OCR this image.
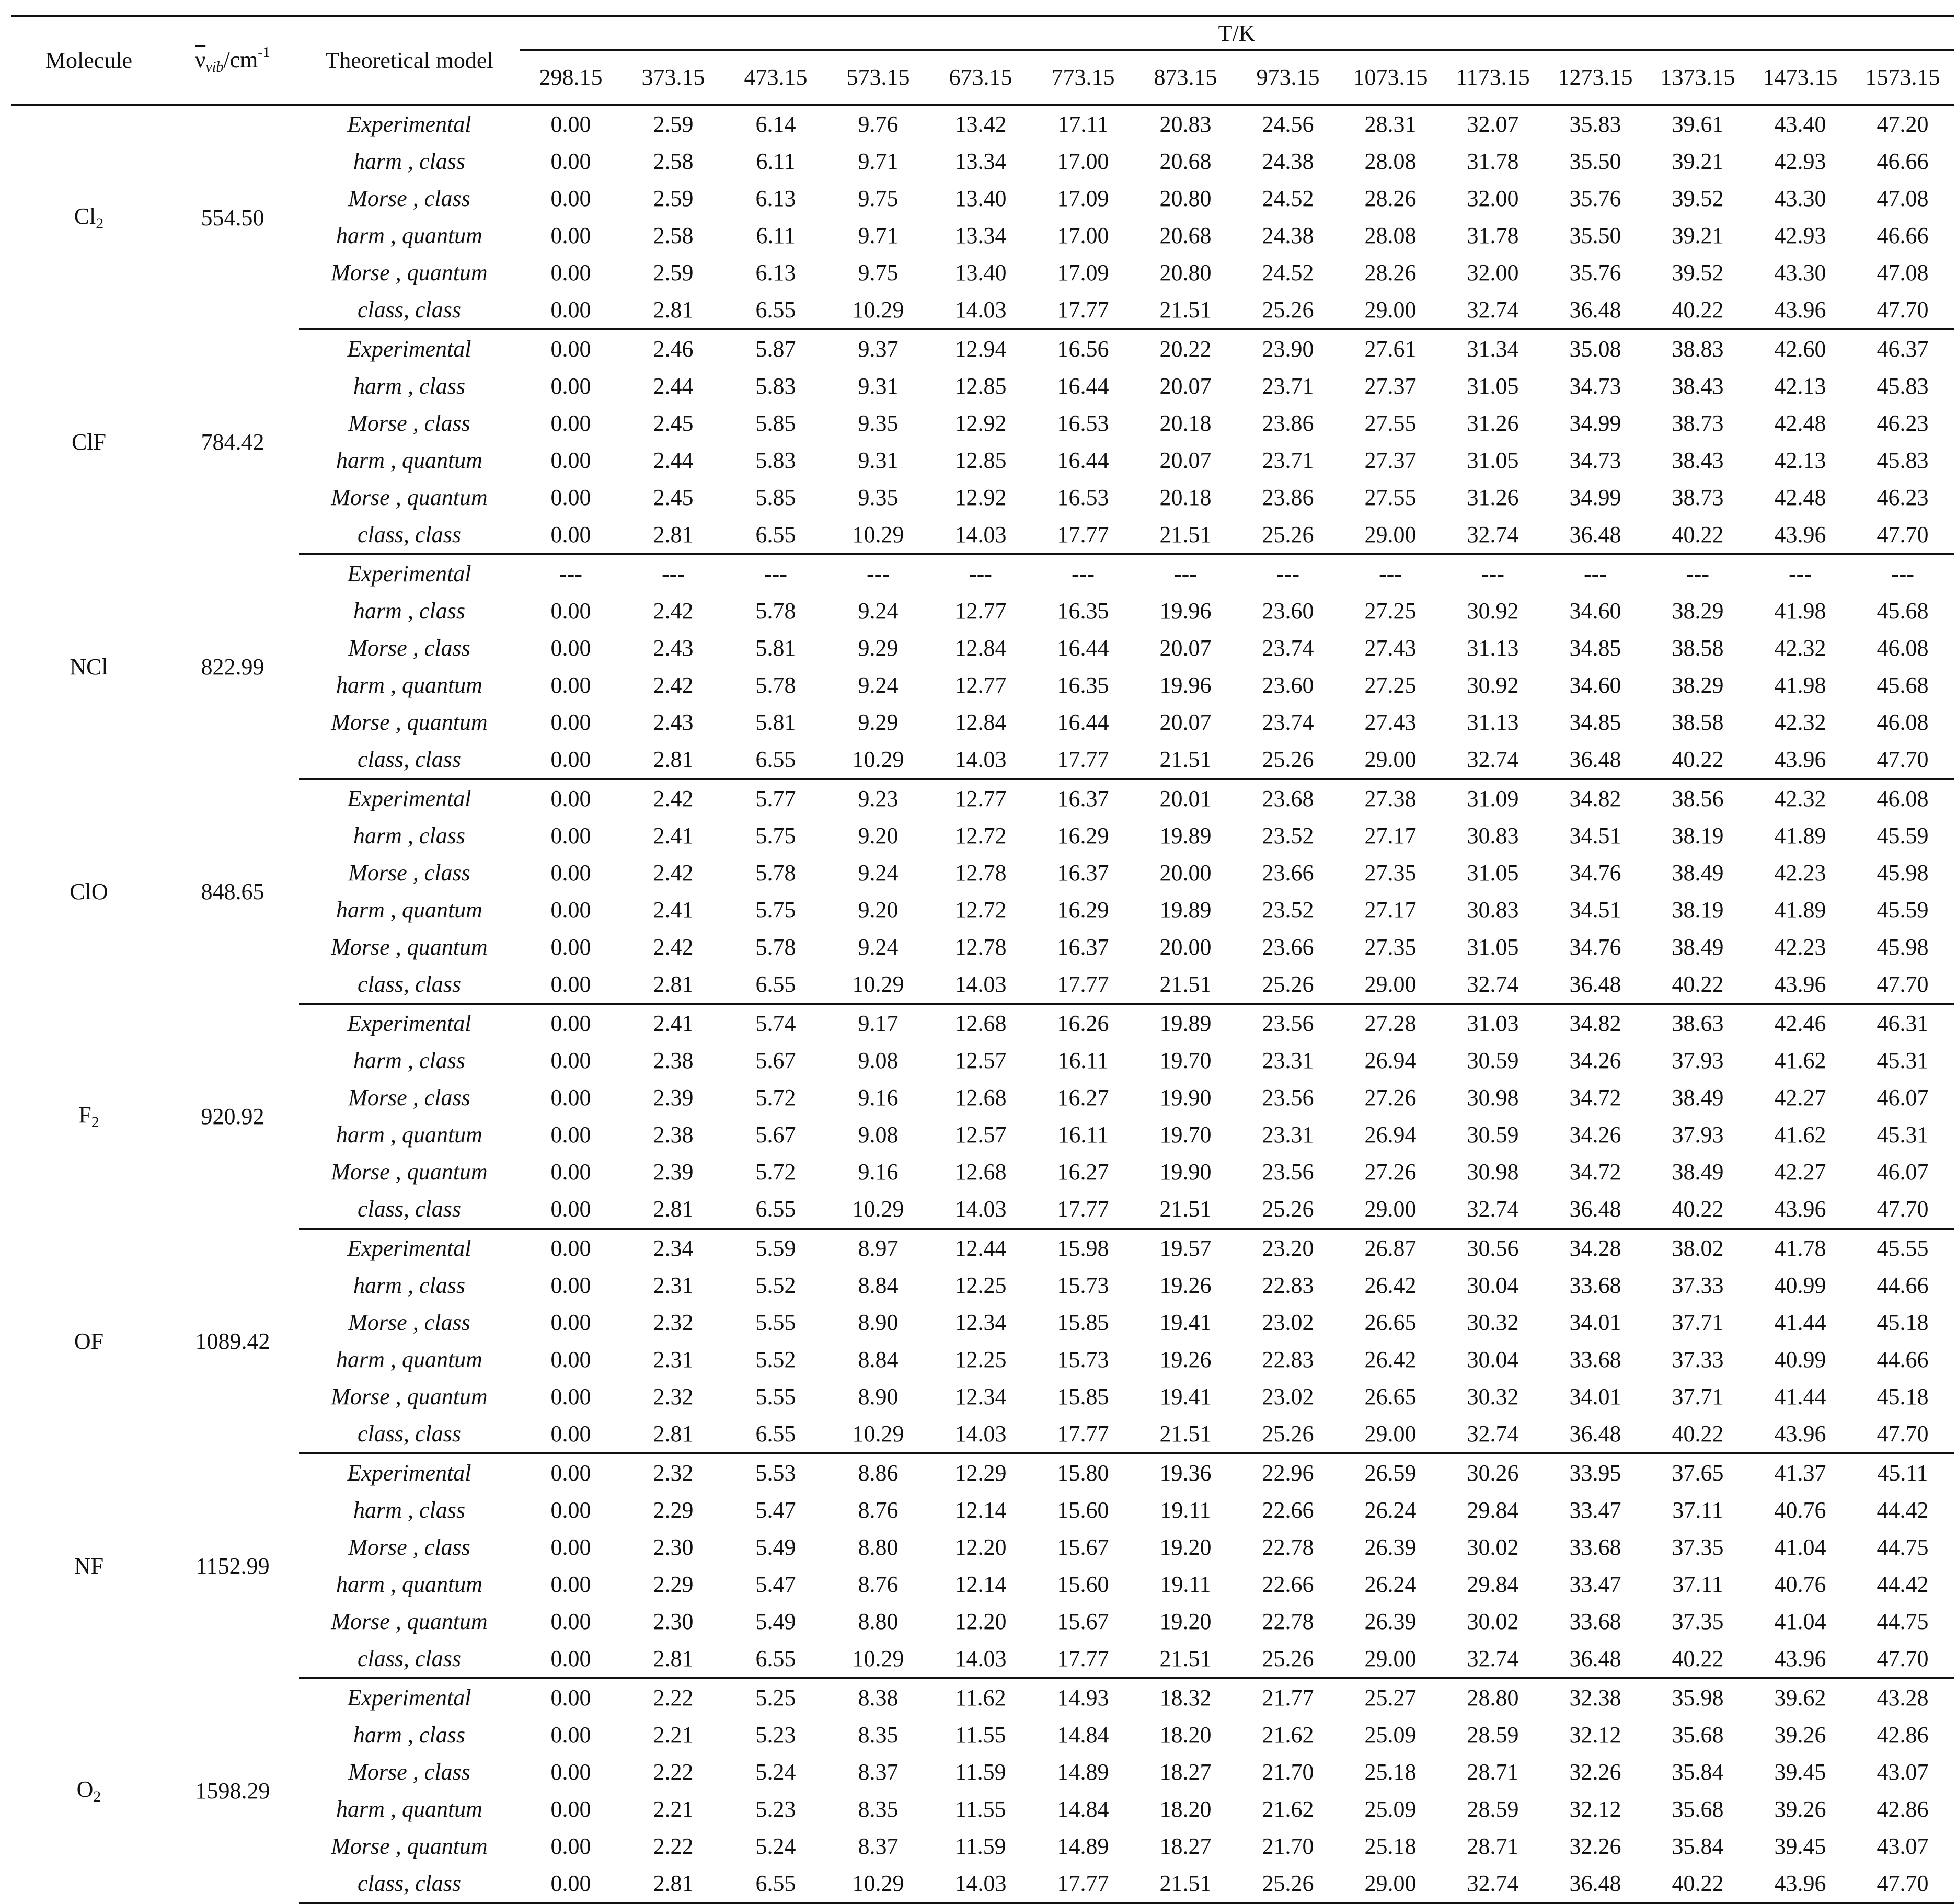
Molecule	$\overline{\nu}vib/cm^{-1}$	Theoretical model	T/K													
			298.15	373.15	473.15	573.15	673.15	773.15	873.15	973.15	1073.15	1173.15	1273.15	1373.15	1473.15	1573.15
$Cl_2$	554.50	Experimental	0.00	2.59	6.14	9.76	13.42	17.11	20.83	24.56	28.31	32.07	35.83	39.61	43.40	47.20
		harm , class	0.00	2.58	6.11	9.71	13.34	17.00	20.68	24.38	28.08	31.78	35.50	39.21	42.93	46.66
		Morse , class	0.00	2.59	6.13	9.75	13.40	17.09	20.80	24.52	28.26	32.00	35.76	39.52	43.30	47.08
		harm , quantum	0.00	2.58	6.11	9.71	13.34	17.00	20.68	24.38	28.08	31.78	35.50	39.21	42.93	46.66
		Morse , quantum	0.00	2.59	6.13	9.75	13.40	17.09	20.80	24.52	28.26	32.00	35.76	39.52	43.30	47.08
		class, class	0.00	2.81	6.55	10.29	14.03	17.77	21.51	25.26	29.00	32.74	36.48	40.22	43.96	47.70
ClF	784.42	Experimental	0.00	2.46	5.87	9.37	12.94	16.56	20.22	23.90	27.61	31.34	35.08	38.83	42.60	46.37
		harm , class	0.00	2.44	5.83	9.31	12.85	16.44	20.07	23.71	27.37	31.05	34.73	38.43	42.13	45.83
		Morse , class	0.00	2.45	5.85	9.35	12.92	16.53	20.18	23.86	27.55	31.26	34.99	38.73	42.48	46.23
		harm , quantum	0.00	2.44	5.83	9.31	12.85	16.44	20.07	23.71	27.37	31.05	34.73	38.43	42.13	45.83
		Morse , quantum	0.00	2.45	5.85	9.35	12.92	16.53	20.18	23.86	27.55	31.26	34.99	38.73	42.48	46.23
		class, class	0.00	2.81	6.55	10.29	14.03	17.77	21.51	25.26	29.00	32.74	36.48	40.22	43.96	47.70
NCl	822.99	Experimental	---	---	---	---	---	---	---	---	---	---	---	---	---	---
		harm , class	0.00	2.42	5.78	9.24	12.77	16.35	19.96	23.60	27.25	30.92	34.60	38.29	41.98	45.68
		Morse , class	0.00	2.43	5.81	9.29	12.84	16.44	20.07	23.74	27.43	31.13	34.85	38.58	42.32	46.08
		harm , quantum	0.00	2.42	5.78	9.24	12.77	16.35	19.96	23.60	27.25	30.92	34.60	38.29	41.98	45.68
		Morse , quantum	0.00	2.43	5.81	9.29	12.84	16.44	20.07	23.74	27.43	31.13	34.85	38.58	42.32	46.08
		class, class	0.00	2.81	6.55	10.29	14.03	17.77	21.51	25.26	29.00	32.74	36.48	40.22	43.96	47.70
ClO	848.65	Experimental	0.00	2.42	5.77	9.23	12.77	16.37	20.01	23.68	27.38	31.09	34.82	38.56	42.32	46.08
		harm , class	0.00	2.41	5.75	9.20	12.72	16.29	19.89	23.52	27.17	30.83	34.51	38.19	41.89	45.59
		Morse , class	0.00	2.42	5.78	9.24	12.78	16.37	20.00	23.66	27.35	31.05	34.76	38.49	42.23	45.98
		harm , quantum	0.00	2.41	5.75	9.20	12.72	16.29	19.89	23.52	27.17	30.83	34.51	38.19	41.89	45.59
		Morse , quantum	0.00	2.42	5.78	9.24	12.78	16.37	20.00	23.66	27.35	31.05	34.76	38.49	42.23	45.98
		class, class	0.00	2.81	6.55	10.29	14.03	17.77	21.51	25.26	29.00	32.74	36.48	40.22	43.96	47.70
$F_2$	920.92	Experimental	0.00	2.41	5.74	9.17	12.68	16.26	19.89	23.56	27.28	31.03	34.82	38.63	42.46	46.31
		harm , class	0.00	2.38	5.67	9.08	12.57	16.11	19.70	23.31	26.94	30.59	34.26	37.93	41.62	45.31
		Morse , class	0.00	2.39	5.72	9.16	12.68	16.27	19.90	23.56	27.26	30.98	34.72	38.49	42.27	46.07
		harm , quantum	0.00	2.38	5.67	9.08	12.57	16.11	19.70	23.31	26.94	30.59	34.26	37.93	41.62	45.31
		Morse , quantum	0.00	2.39	5.72	9.16	12.68	16.27	19.90	23.56	27.26	30.98	34.72	38.49	42.27	46.07
		class, class	0.00	2.81	6.55	10.29	14.03	17.77	21.51	25.26	29.00	32.74	36.48	40.22	43.96	47.70
OF	1089.42	Experimental	0.00	2.34	5.59	8.97	12.44	15.98	19.57	23.20	26.87	30.56	34.28	38.02	41.78	45.55
		harm , class	0.00	2.31	5.52	8.84	12.25	15.73	19.26	22.83	26.42	30.04	33.68	37.33	40.99	44.66
		Morse , class	0.00	2.32	5.55	8.90	12.34	15.85	19.41	23.02	26.65	30.32	34.01	37.71	41.44	45.18
		harm , quantum	0.00	2.31	5.52	8.84	12.25	15.73	19.26	22.83	26.42	30.04	33.68	37.33	40.99	44.66
		Morse , quantum	0.00	2.32	5.55	8.90	12.34	15.85	19.41	23.02	26.65	30.32	34.01	37.71	41.44	45.18
		class, class	0.00	2.81	6.55	10.29	14.03	17.77	21.51	25.26	29.00	32.74	36.48	40.22	43.96	47.70
NF	1152.99	Experimental	0.00	2.32	5.53	8.86	12.29	15.80	19.36	22.96	26.59	30.26	33.95	37.65	41.37	45.11
		harm , class	0.00	2.29	5.47	8.76	12.14	15.60	19.11	22.66	26.24	29.84	33.47	37.11	40.76	44.42
		Morse , class	0.00	2.30	5.49	8.80	12.20	15.67	19.20	22.78	26.39	30.02	33.68	37.35	41.04	44.75
		harm , quantum	0.00	2.29	5.47	8.76	12.14	15.60	19.11	22.66	26.24	29.84	33.47	37.11	40.76	44.42
		Morse , quantum	0.00	2.30	5.49	8.80	12.20	15.67	19.20	22.78	26.39	30.02	33.68	37.35	41.04	44.75
		class, class	0.00	2.81	6.55	10.29	14.03	17.77	21.51	25.26	29.00	32.74	36.48	40.22	43.96	47.70
$O_2$	1598.29	Experimental	0.00	2.22	5.25	8.38	11.62	14.93	18.32	21.77	25.27	28.80	32.38	35.98	39.62	43.28
		harm , class	0.00	2.21	5.23	8.35	11.55	14.84	18.20	21.62	25.09	28.59	32.12	35.68	39.26	42.86
		Morse , class	0.00	2.22	5.24	8.37	11.59	14.89	18.27	21.70	25.18	28.71	32.26	35.84	39.45	43.07
		harm , quantum	0.00	2.21	5.23	8.35	11.55	14.84	18.20	21.62	25.09	28.59	32.12	35.68	39.26	42.86
		Morse , quantum	0.00	2.22	5.24	8.37	11.59	14.89	18.27	21.70	25.18	28.71	32.26	35.84	39.45	43.07
		class, class	0.00	2.81	6.55	10.29	14.03	17.77	21.51	25.26	29.00	32.74	36.48	40.22	43.96	47.70
